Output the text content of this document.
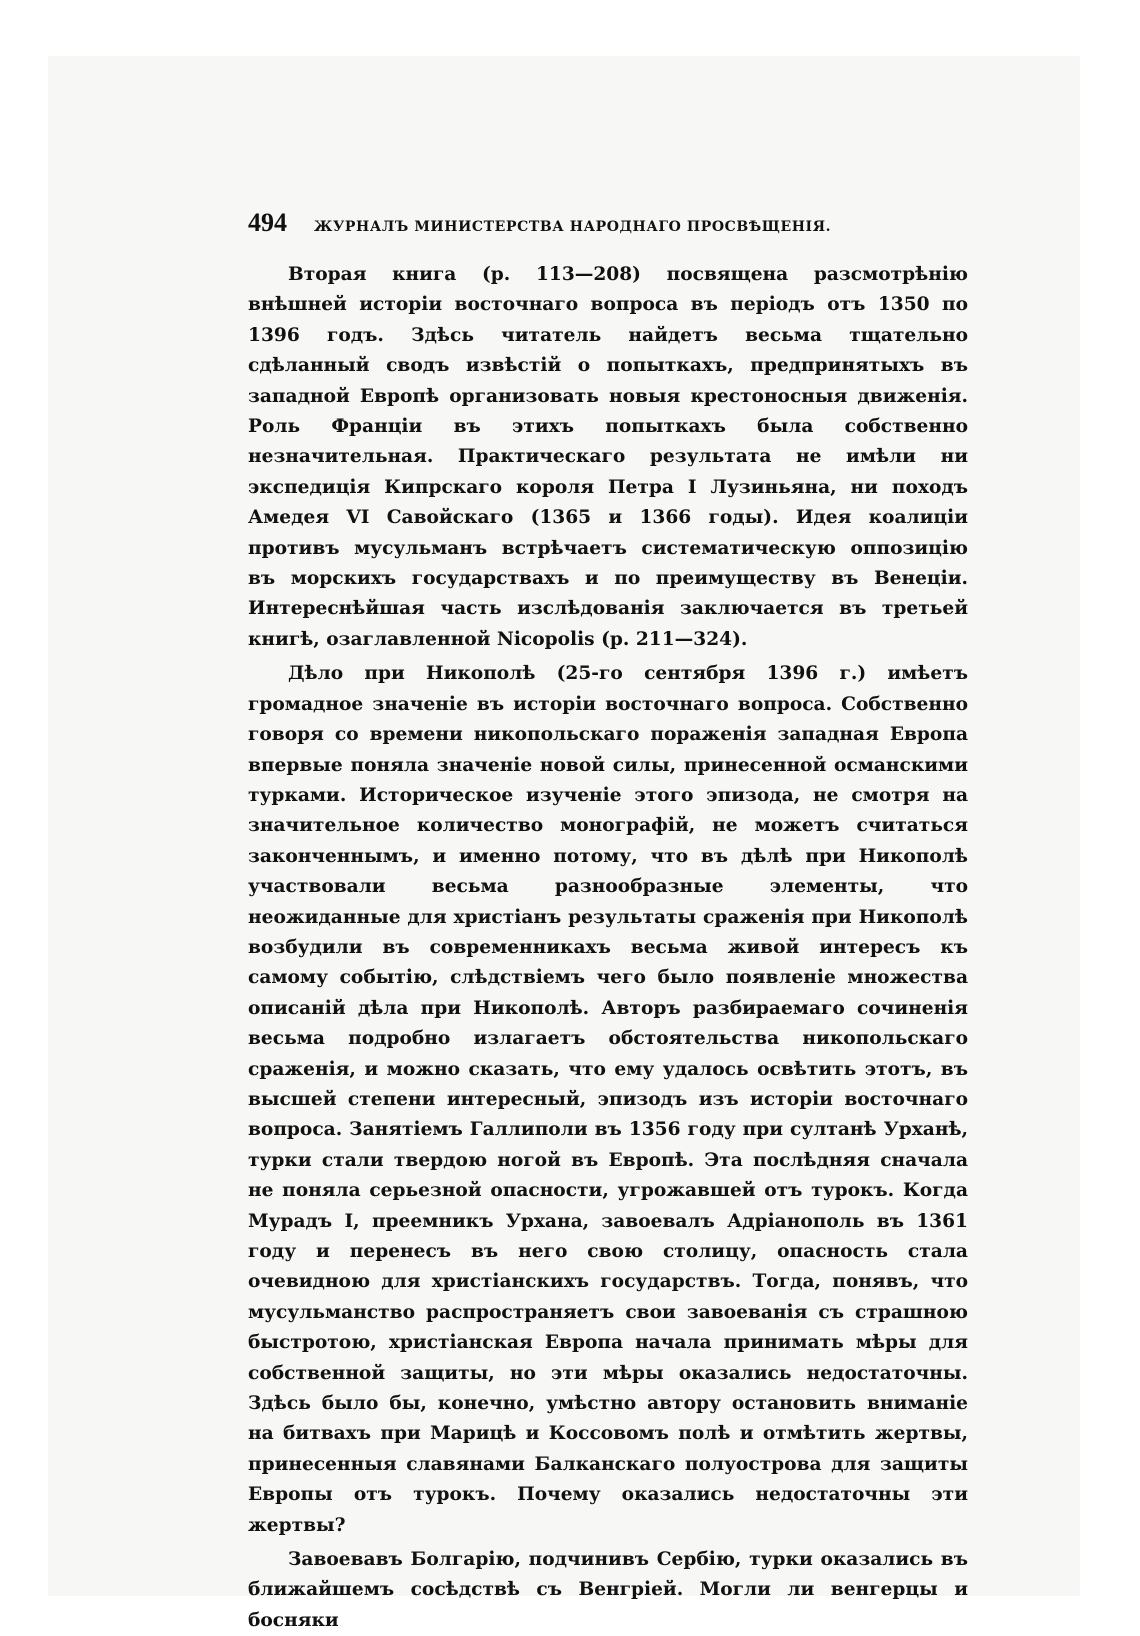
494	ЖУРНАЛЪ МИНИСТЕРСТВА НАРОДНАГО ПРОСВѢЩЕНІЯ.

Вторая книга (р. 113—208) посвящена разсмотрѣнію внѣшней исторіи восточнаго вопроса въ періодъ отъ 1350 по 1396 годъ. Здѣсь читатель найдетъ весьма тщательно сдѣланный сводъ извѣстій о попыткахъ, предпринятыхъ въ западной Европѣ организовать новыя крестоносныя движенія. Роль Франціи въ этихъ попыткахъ была собственно незначительная. Практическаго результата не имѣли ни экспедиція Кипрскаго короля Петра I Лузиньяна, ни походъ Амедея VI Савойскаго (1365 и 1366 годы). Идея коалиціи противъ мусульманъ встрѣчаетъ систематическую оппозицію въ морскихъ государствахъ и по преимуществу въ Венеціи. Интереснѣйшая часть изслѣдованія заключается въ третьей книгѣ, озаглавленной Nicopolis (р. 211—324).

Дѣло при Никополѣ (25-го сентября 1396 г.) имѣетъ громадное значеніе въ исторіи восточнаго вопроса. Собственно говоря со времени никопольскаго пораженія западная Европа впервые поняла значеніе новой силы, принесенной османскими турками. Историческое изученіе этого эпизода, не смотря на значительное количество монографій, не можетъ считаться законченнымъ, и именно потому, что въ дѣлѣ при Никополѣ участвовали весьма разнообразные элементы, что неожиданные для христіанъ результаты сраженія при Никополѣ возбудили въ современникахъ весьма живой интересъ къ самому событію, слѣдствіемъ чего было появленіе множества описаній дѣла при Никополѣ. Авторъ разбираемаго сочиненія весьма подробно излагаетъ обстоятельства никопольскаго сраженія, и можно сказать, что ему удалось освѣтить этотъ, въ высшей степени интересный, эпизодъ изъ исторіи восточнаго вопроса. Занятіемъ Галлиполи въ 1356 году при султанѣ Урханѣ, турки стали твердою ногой въ Европѣ. Эта послѣдняя сначала не поняла серьезной опасности, угрожавшей отъ турокъ. Когда Мурадъ I, преемникъ Урхана, завоевалъ Адріанополь въ 1361 году и перенесъ въ него свою столицу, опасность стала очевидною для христіанскихъ государствъ. Тогда, понявъ, что мусульманство распространяетъ свои завоеванія съ страшною быстротою, христіанская Европа начала принимать мѣры для собственной защиты, но эти мѣры оказались недостаточны. Здѣсь было бы, конечно, умѣстно автору остановить вниманіе на битвахъ при Марицѣ и Коссовомъ полѣ и отмѣтить жертвы, принесенныя славянами Балканскаго полуострова для защиты Европы отъ турокъ. Почему оказались недостаточны эти жертвы?

Завоевавъ Болгарію, подчинивъ Сербію, турки оказались въ ближайшемъ сосѣдствѣ съ Венгріей. Могли ли венгерцы и босняки
